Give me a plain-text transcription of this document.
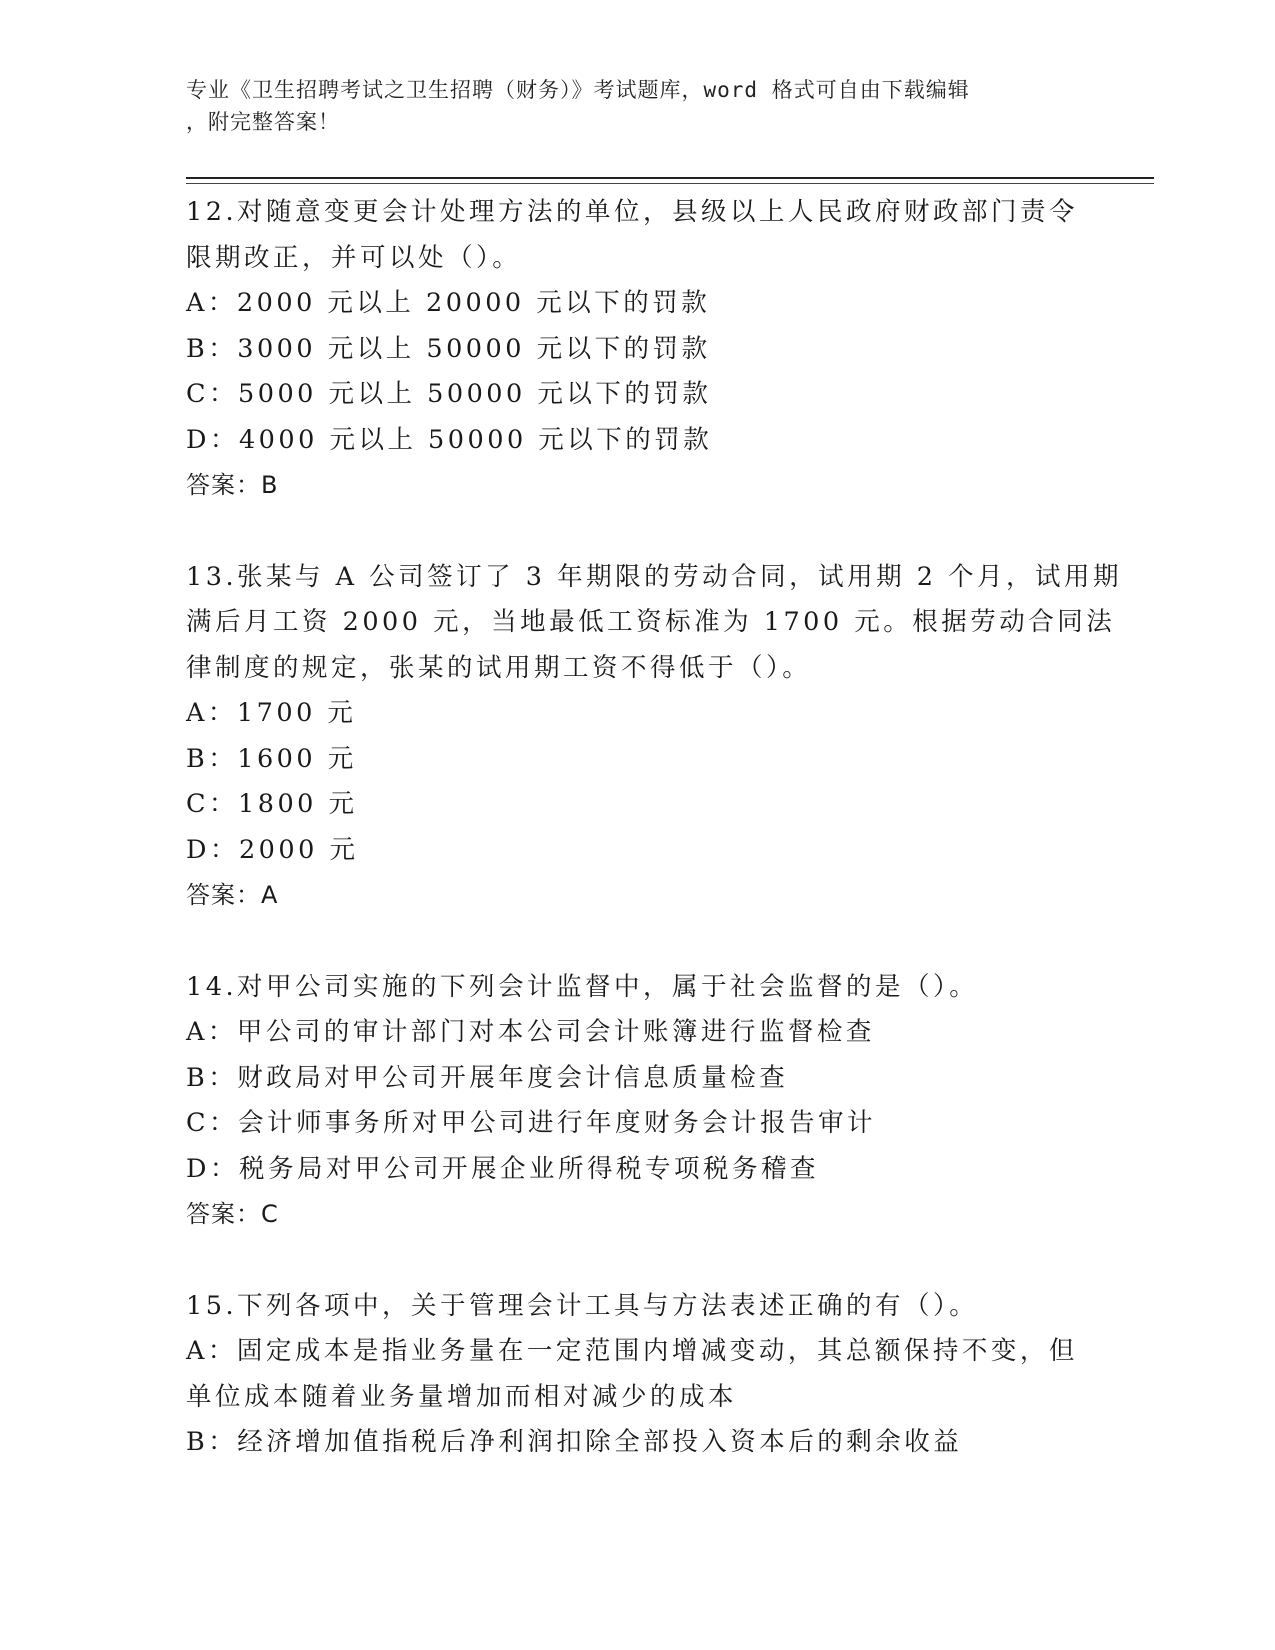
专业《卫生招聘考试之卫生招聘（财务）》考试题库，word 格式可自由下载编辑
，附完整答案！
12.对随意变更会计处理方法的单位，县级以上人民政府财政部门责令
限期改正，并可以处（）。
A：2000 元以上 20000 元以下的罚款
B：3000 元以上 50000 元以下的罚款
C：5000 元以上 50000 元以下的罚款
D：4000 元以上 50000 元以下的罚款
答案：B
13.张某与 A 公司签订了 3 年期限的劳动合同，试用期 2 个月，试用期
满后月工资 2000 元，当地最低工资标准为 1700 元。根据劳动合同法
律制度的规定，张某的试用期工资不得低于（）。
A：1700 元
B：1600 元
C：1800 元
D：2000 元
答案：A
14.对甲公司实施的下列会计监督中，属于社会监督的是（）。
A：甲公司的审计部门对本公司会计账簿进行监督检查
B：财政局对甲公司开展年度会计信息质量检查
C：会计师事务所对甲公司进行年度财务会计报告审计
D：税务局对甲公司开展企业所得税专项税务稽查
答案：C
15.下列各项中，关于管理会计工具与方法表述正确的有（）。
A：固定成本是指业务量在一定范围内增减变动，其总额保持不变，但
单位成本随着业务量增加而相对减少的成本
B：经济增加值指税后净利润扣除全部投入资本后的剩余收益
